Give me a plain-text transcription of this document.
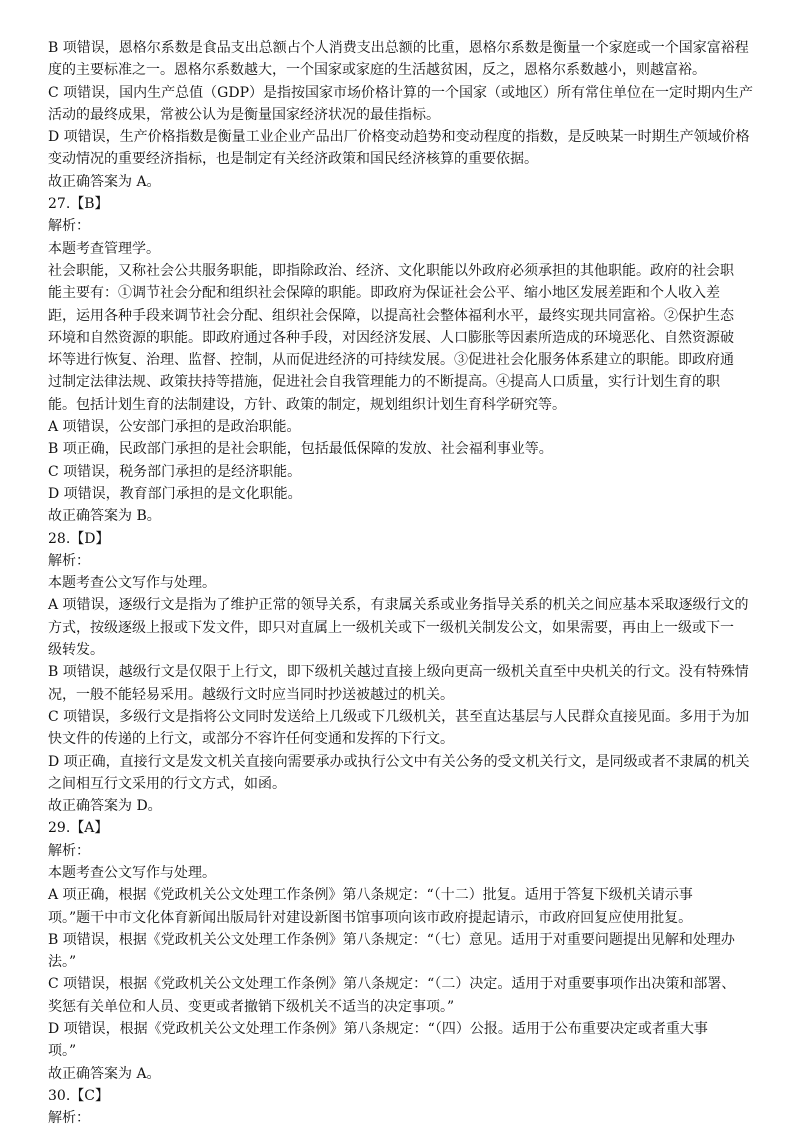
B 项错误，恩格尔系数是食品支出总额占个人消费支出总额的比重，恩格尔系数是衡量一个家庭或一个国家富裕程
度的主要标准之一。恩格尔系数越大，一个国家或家庭的生活越贫困，反之，恩格尔系数越小，则越富裕。
C 项错误，国内生产总值（GDP）是指按国家市场价格计算的一个国家（或地区）所有常住单位在一定时期内生产
活动的最终成果，常被公认为是衡量国家经济状况的最佳指标。
D 项错误，生产价格指数是衡量工业企业产品出厂价格变动趋势和变动程度的指数，是反映某一时期生产领域价格
变动情况的重要经济指标，也是制定有关经济政策和国民经济核算的重要依据。
故正确答案为 A。
27.【B】
解析：
本题考查管理学。
社会职能，又称社会公共服务职能，即指除政治、经济、文化职能以外政府必须承担的其他职能。政府的社会职
能主要有：①调节社会分配和组织社会保障的职能。即政府为保证社会公平、缩小地区发展差距和个人收入差
距，运用各种手段来调节社会分配、组织社会保障，以提高社会整体福利水平，最终实现共同富裕。②保护生态
环境和自然资源的职能。即政府通过各种手段，对因经济发展、人口膨胀等因素所造成的环境恶化、自然资源破
坏等进行恢复、治理、监督、控制，从而促进经济的可持续发展。③促进社会化服务体系建立的职能。即政府通
过制定法律法规、政策扶持等措施，促进社会自我管理能力的不断提高。④提高人口质量，实行计划生育的职
能。包括计划生育的法制建设，方针、政策的制定，规划组织计划生育科学研究等。
A 项错误，公安部门承担的是政治职能。
B 项正确，民政部门承担的是社会职能，包括最低保障的发放、社会福利事业等。
C 项错误，税务部门承担的是经济职能。
D 项错误，教育部门承担的是文化职能。
故正确答案为 B。
28.【D】
解析：
本题考查公文写作与处理。
A 项错误，逐级行文是指为了维护正常的领导关系，有隶属关系或业务指导关系的机关之间应基本采取逐级行文的
方式，按级逐级上报或下发文件，即只对直属上一级机关或下一级机关制发公文，如果需要，再由上一级或下一
级转发。
B 项错误，越级行文是仅限于上行文，即下级机关越过直接上级向更高一级机关直至中央机关的行文。没有特殊情
况，一般不能轻易采用。越级行文时应当同时抄送被越过的机关。
C 项错误，多级行文是指将公文同时发送给上几级或下几级机关，甚至直达基层与人民群众直接见面。多用于为加
快文件的传递的上行文，或部分不容许任何变通和发挥的下行文。
D 项正确，直接行文是发文机关直接向需要承办或执行公文中有关公务的受文机关行文，是同级或者不隶属的机关
之间相互行文采用的行文方式，如函。
故正确答案为 D。
29.【A】
解析：
本题考查公文写作与处理。
A 项正确，根据《党政机关公文处理工作条例》第八条规定：“（十二）批复。适用于答复下级机关请示事
项。”题干中市文化体育新闻出版局针对建设新图书馆事项向该市政府提起请示，市政府回复应使用批复。
B 项错误，根据《党政机关公文处理工作条例》第八条规定：“（七）意见。适用于对重要问题提出见解和处理办
法。”
C 项错误，根据《党政机关公文处理工作条例》第八条规定：“（二）决定。适用于对重要事项作出决策和部署、
奖惩有关单位和人员、变更或者撤销下级机关不适当的决定事项。”
D 项错误，根据《党政机关公文处理工作条例》第八条规定：“（四）公报。适用于公布重要决定或者重大事
项。”
故正确答案为 A。
30.【C】
解析：
